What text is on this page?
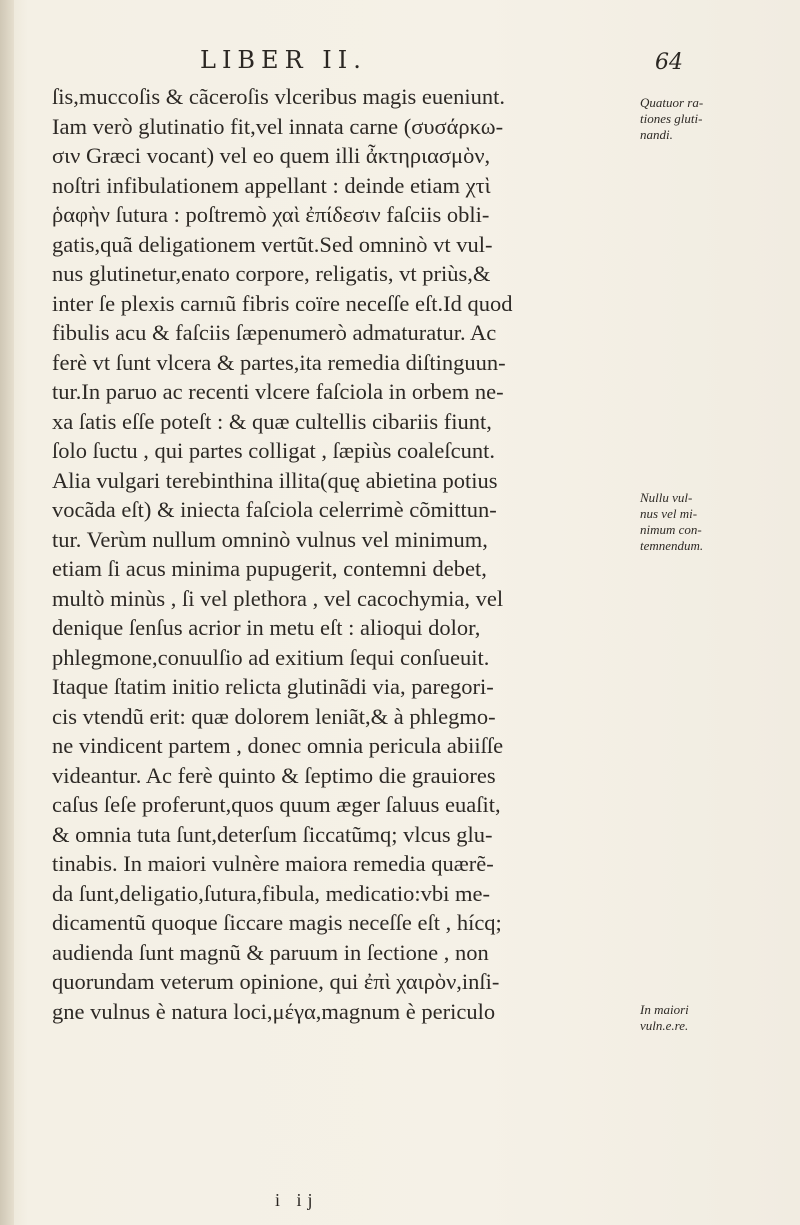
LIBER II.	64
ſis,muccoſis & cãceroſis vlceribus magis eueniunt.
Iam verò glutinatio fit,vel innata carne (συσάρκω-
σιν Græci vocant) vel eo quem illi ἆκτηριασμὸν,
noſtri infibulationem appellant : deinde etiam χτὶ
ῥαφὴν ſutura : poſtremò χαὶ ἐπίδεσιν faſciis obli-
gatis,quã deligationem vertũt.Sed omninò vt vul-
nus glutinetur,enato corpore, religatis, vt priùs,&
inter ſe plexis carnıũ fibris coïre neceſſe eſt.Id quod
fibulis acu & faſciis ſæpenumerò admaturatur. Ac
ferè vt ſunt vlcera & partes,ita remedia diſtinguun-
tur.In paruo ac recenti vlcere faſciola in orbem ne-
xa ſatis eſſe poteſt : & quæ cultellis cibariis fiunt,
ſolo ſuctu , qui partes colligat , ſæpiùs coaleſcunt.
Alia vulgari terebinthina illita(quę abietina potius
vocãda eſt) & iniecta faſciola celerrimè cõmittun-
tur. Verùm nullum omninò vulnus vel minimum,
etiam ſi acus minima pupugerit, contemni debet,
multò minùs , ſi vel plethora , vel cacochymia, vel
denique ſenſus acrior in metu eſt : alioqui dolor,
phlegmone,conuulſio ad exitium ſequi conſueuit.
Itaque ſtatim initio relicta glutinãdi via, paregori-
cis vtendũ erit: quæ dolorem leniãt,& à phlegmo-
ne vindicent partem , donec omnia pericula abiiſſe
videantur. Ac ferè quinto & ſeptimo die grauiores
caſus ſeſe proferunt,quos quum æger ſaluus euaſit,
& omnia tuta ſunt,deterſum ſiccatũmq; vlcus glu-
tinabis. In maiori vulnère maiora remedia quærẽ-
da ſunt,deligatio,ſutura,fibula, medicatio:vbi me-
dicamentũ quoque ſiccare magis neceſſe eſt , hícq;
audienda ſunt magnũ & paruum in ſectione , non
quorundam veterum opinione, qui ἐπὶ χαιρὸν,inſi-
gne vulnus è natura loci,μέγα,magnum è periculo
Quatuor ra-
tiones gluti-
nandi.
Nullu vul-
nus vel mi-
nimum con-
temnendum.
In maiori
vuln.e.re.
i ij
